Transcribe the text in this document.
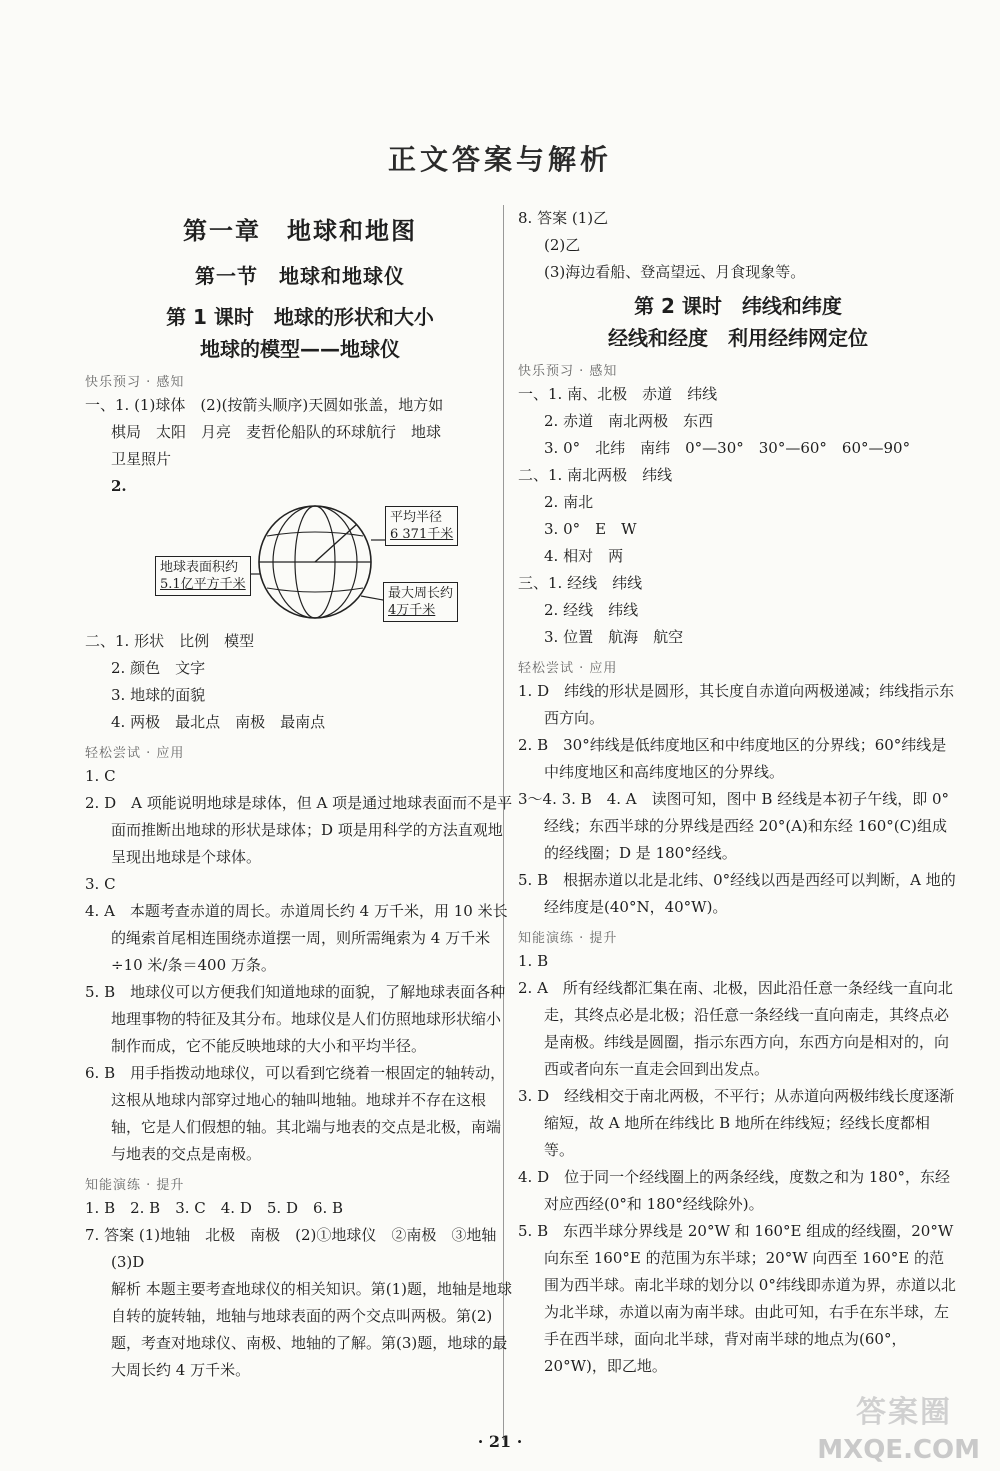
正文答案与解析
第一章　地球和地图
第一节　地球和地球仪
第 1 课时　地球的形状和大小
地球的模型——地球仪
快乐预习 · 感知

一、1. (1)球体　(2)(按箭头顺序)天圆如张盖，地方如

棋局　太阳　月亮　麦哲伦船队的环球航行　地球

卫星照片

2.

平均半径
6 371千米
地球表面积约
5.1亿平方千米
最大周长约
4万千米

二、1. 形状　比例　模型

2. 颜色　文字

3. 地球的面貌

4. 两极　最北点　南极　最南点

轻松尝试 · 应用

1. C

2. D　A 项能说明地球是球体，但 A 项是通过地球表面而不是平面而推断出地球的形状是球体；D 项是用科学的方法直观地呈现出地球是个球体。

3. C

4. A　本题考查赤道的周长。赤道周长约 4 万千米，用 10 米长的绳索首尾相连围绕赤道摆一周，则所需绳索为 4 万千米÷10 米/条＝400 万条。

5. B　地球仪可以方便我们知道地球的面貌，了解地球表面各种地理事物的特征及其分布。地球仪是人们仿照地球形状缩小制作而成，它不能反映地球的大小和平均半径。

6. B　用手指拨动地球仪，可以看到它绕着一根固定的轴转动，这根从地球内部穿过地心的轴叫地轴。地球并不存在这根轴，它是人们假想的轴。其北端与地表的交点是北极，南端与地表的交点是南极。

知能演练 · 提升

1. B　2. B　3. C　4. D　5. D　6. B

7. 答案 (1)地轴　北极　南极　(2)①地球仪　②南极　③地轴　(3)D

解析 本题主要考查地球仪的相关知识。第(1)题，地轴是地球自转的旋转轴，地轴与地球表面的两个交点叫两极。第(2)题，考查对地球仪、南极、地轴的了解。第(3)题，地球的最大周长约 4 万千米。

8. 答案 (1)乙

(2)乙

(3)海边看船、登高望远、月食现象等。

第 2 课时　纬线和纬度
经线和经度　利用经纬网定位
快乐预习 · 感知

一、1. 南、北极　赤道　纬线

2. 赤道　南北两极　东西

3. 0°　北纬　南纬　0°—30°　30°—60°　60°—90°

二、1. 南北两极　纬线

2. 南北

3. 0°　E　W

4. 相对　两

三、1. 经线　纬线

2. 经线　纬线

3. 位置　航海　航空

轻松尝试 · 应用

1. D　纬线的形状是圆形，其长度自赤道向两极递减；纬线指示东西方向。

2. B　30°纬线是低纬度地区和中纬度地区的分界线；60°纬线是中纬度地区和高纬度地区的分界线。

3～4. 3. B　4. A　读图可知，图中 B 经线是本初子午线，即 0°经线；东西半球的分界线是西经 20°(A)和东经 160°(C)组成的经线圈；D 是 180°经线。

5. B　根据赤道以北是北纬、0°经线以西是西经可以判断，A 地的经纬度是(40°N，40°W)。

知能演练 · 提升

1. B

2. A　所有经线都汇集在南、北极，因此沿任意一条经线一直向北走，其终点必是北极；沿任意一条经线一直向南走，其终点必是南极。纬线是圆圈，指示东西方向，东西方向是相对的，向西或者向东一直走会回到出发点。

3. D　经线相交于南北两极，不平行；从赤道向两极纬线长度逐渐缩短，故 A 地所在纬线比 B 地所在纬线短；经线长度都相等。

4. D　位于同一个经线圈上的两条经线，度数之和为 180°，东经对应西经(0°和 180°经线除外)。

5. B　东西半球分界线是 20°W 和 160°E 组成的经线圈，20°W 向东至 160°E 的范围为东半球；20°W 向西至 160°E 的范围为西半球。南北半球的划分以 0°纬线即赤道为界，赤道以北为北半球，赤道以南为南半球。由此可知，右手在东半球，左手在西半球，面向北半球，背对南半球的地点为(60°，20°W)，即乙地。

· 21 ·
答案圈
MXQE.COM
